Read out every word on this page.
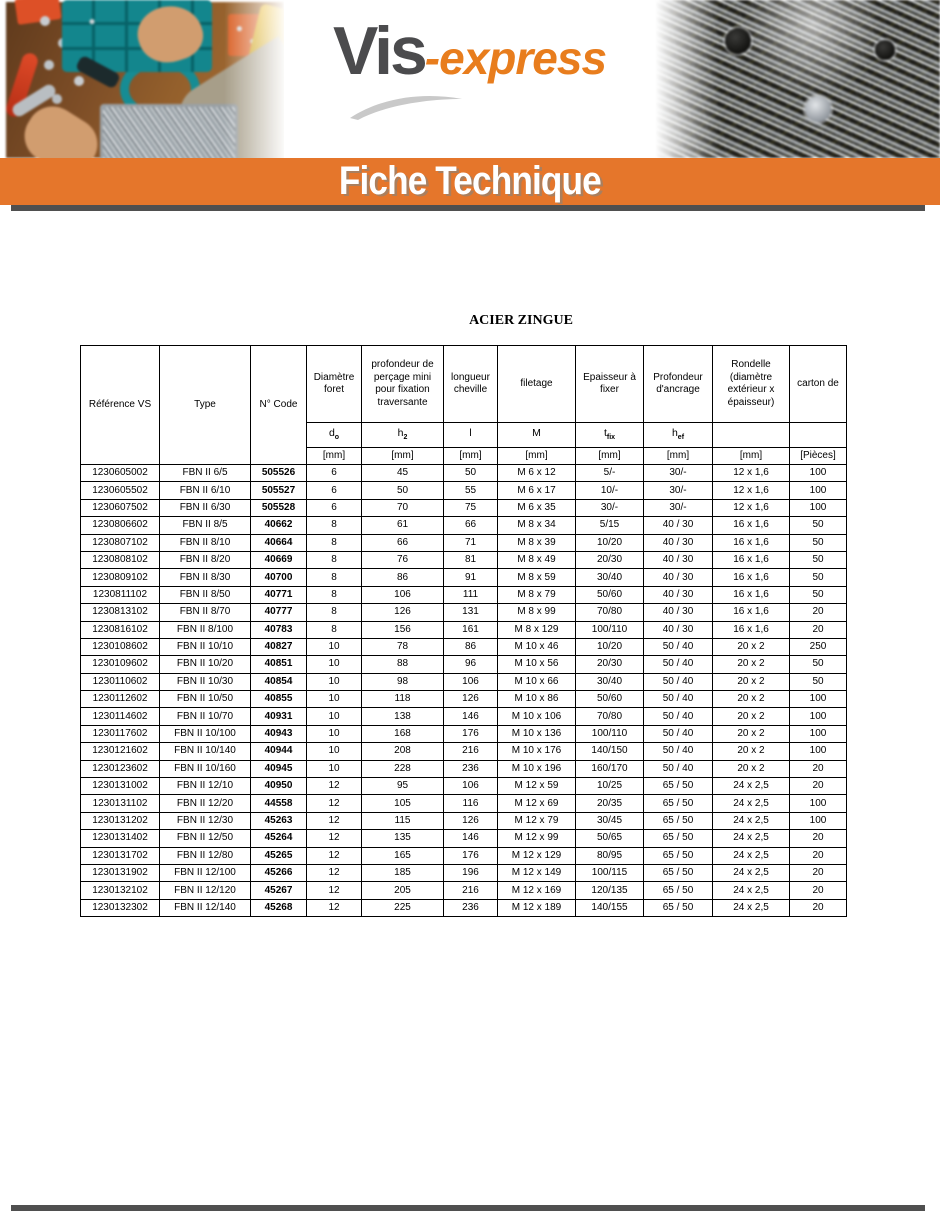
Vis-express
Fiche Technique
ACIER ZINGUE
Référence VS	Type	N° Code	Diamètre foret	profondeur de perçage mini pour fixation traversante	longueur cheville	filetage	Epaisseur à fixer	Profondeur d'ancrage	Rondelle (diamètre extérieur x épaisseur)	carton de
			$d_o$	$h_2$	l	M	$t_{fix}$	$h_{ef}$		
			[mm]	[mm]	[mm]	[mm]	[mm]	[mm]	[mm]	[Pièces]
1230605002	FBN II 6/5	505526	6	45	50	M 6 x 12	5/-	30/-	12 x 1,6	100
1230605502	FBN II 6/10	505527	6	50	55	M 6 x 17	10/-	30/-	12 x 1,6	100
1230607502	FBN II 6/30	505528	6	70	75	M 6 x 35	30/-	30/-	12 x 1,6	100
1230806602	FBN II 8/5	40662	8	61	66	M 8 x 34	5/15	40 / 30	16 x 1,6	50
1230807102	FBN II 8/10	40664	8	66	71	M 8 x 39	10/20	40 / 30	16 x 1,6	50
1230808102	FBN II 8/20	40669	8	76	81	M 8 x 49	20/30	40 / 30	16 x 1,6	50
1230809102	FBN II 8/30	40700	8	86	91	M 8 x 59	30/40	40 / 30	16 x 1,6	50
1230811102	FBN II 8/50	40771	8	106	111	M 8 x 79	50/60	40 / 30	16 x 1,6	50
1230813102	FBN II 8/70	40777	8	126	131	M 8 x 99	70/80	40 / 30	16 x 1,6	20
1230816102	FBN II 8/100	40783	8	156	161	M 8 x 129	100/110	40 / 30	16 x 1,6	20
1230108602	FBN II 10/10	40827	10	78	86	M 10 x 46	10/20	50 / 40	20 x 2	250
1230109602	FBN II 10/20	40851	10	88	96	M 10 x 56	20/30	50 / 40	20 x 2	50
1230110602	FBN II 10/30	40854	10	98	106	M 10 x 66	30/40	50 / 40	20 x 2	50
1230112602	FBN II 10/50	40855	10	118	126	M 10 x 86	50/60	50 / 40	20 x 2	100
1230114602	FBN II 10/70	40931	10	138	146	M 10 x 106	70/80	50 / 40	20 x 2	100
1230117602	FBN II 10/100	40943	10	168	176	M 10 x 136	100/110	50 / 40	20 x 2	100
1230121602	FBN II 10/140	40944	10	208	216	M 10 x 176	140/150	50 / 40	20 x 2	100
1230123602	FBN II 10/160	40945	10	228	236	M 10 x 196	160/170	50 / 40	20 x 2	20
1230131002	FBN II 12/10	40950	12	95	106	M 12 x 59	10/25	65 / 50	24 x 2,5	20
1230131102	FBN II 12/20	44558	12	105	116	M 12 x 69	20/35	65 / 50	24 x 2,5	100
1230131202	FBN II 12/30	45263	12	115	126	M 12 x 79	30/45	65 / 50	24 x 2,5	100
1230131402	FBN II 12/50	45264	12	135	146	M 12 x 99	50/65	65 / 50	24 x 2,5	20
1230131702	FBN II 12/80	45265	12	165	176	M 12 x 129	80/95	65 / 50	24 x 2,5	20
1230131902	FBN II 12/100	45266	12	185	196	M 12 x 149	100/115	65 / 50	24 x 2,5	20
1230132102	FBN II 12/120	45267	12	205	216	M 12 x 169	120/135	65 / 50	24 x 2,5	20
1230132302	FBN II 12/140	45268	12	225	236	M 12 x 189	140/155	65 / 50	24 x 2,5	20
